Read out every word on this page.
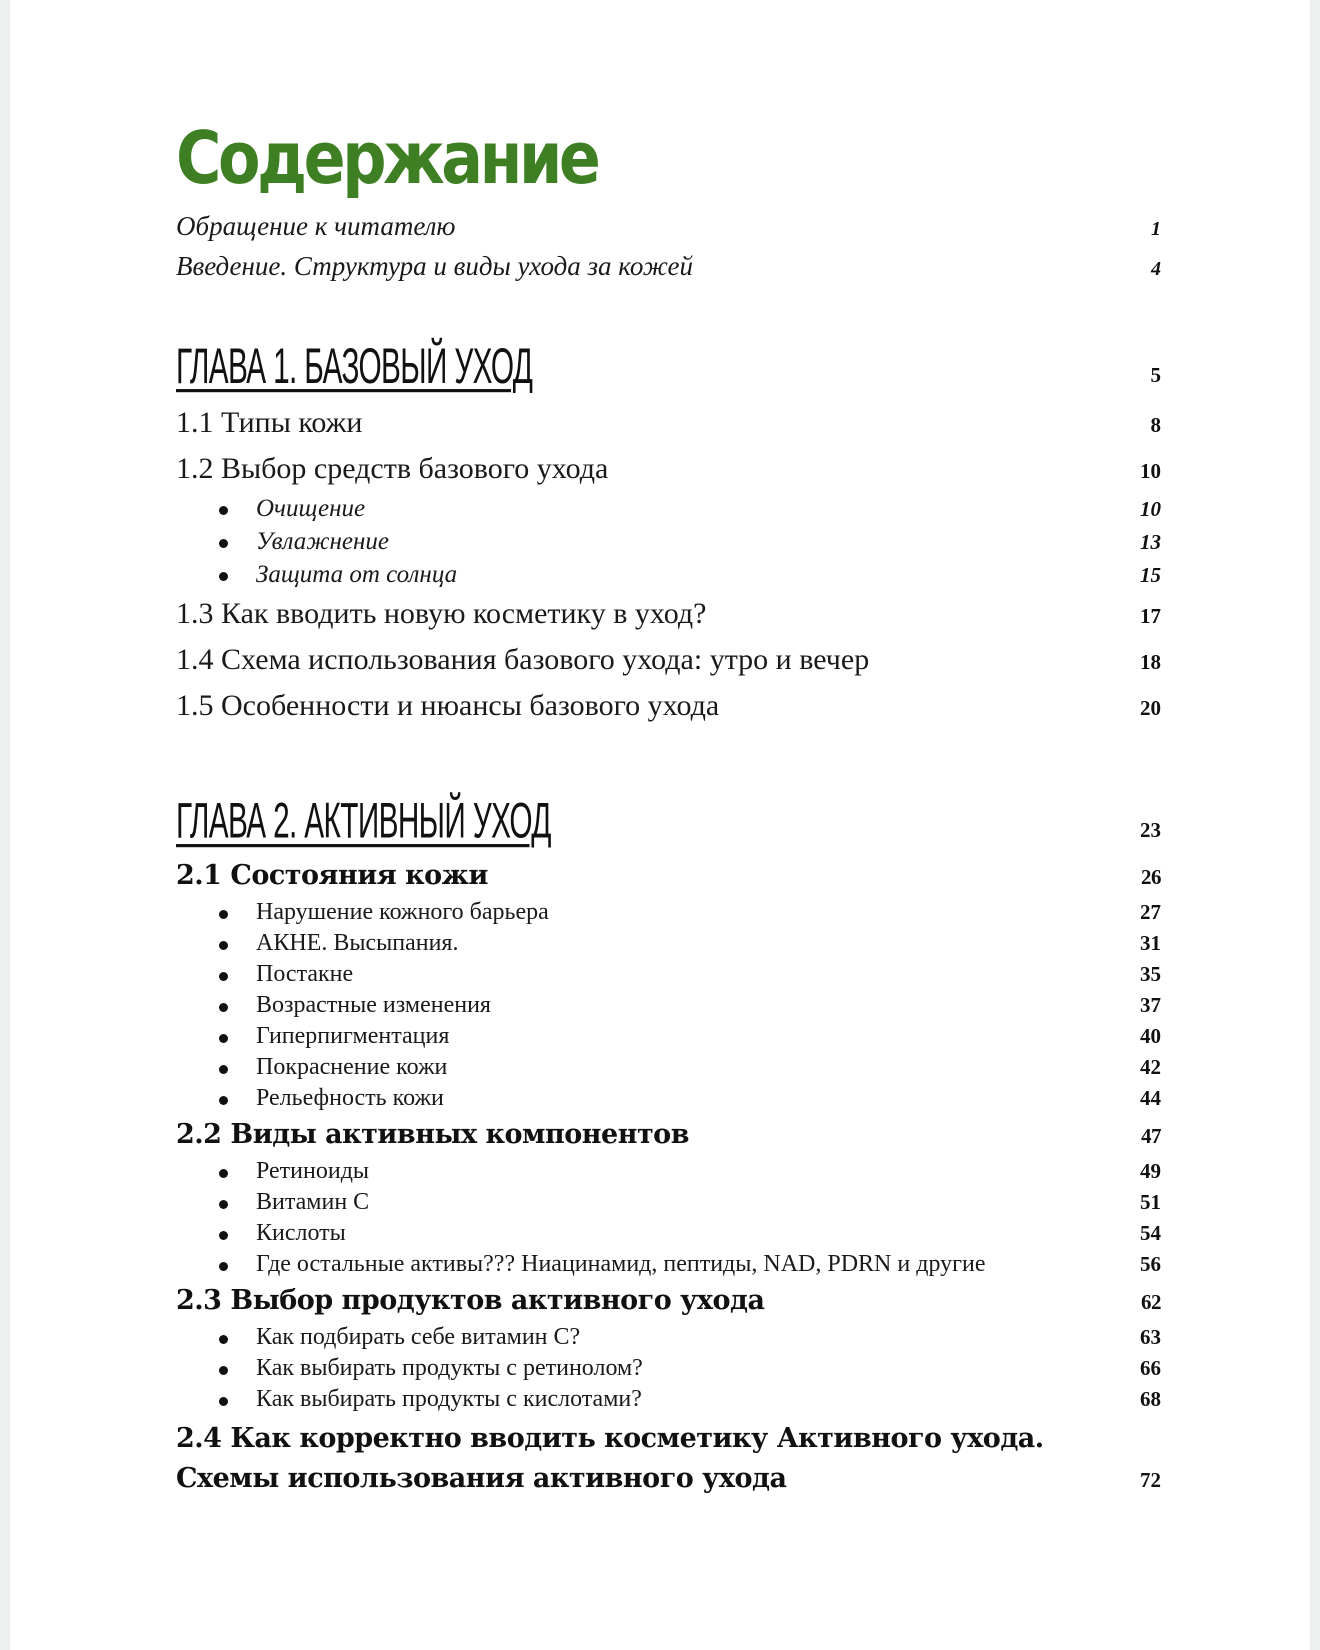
Содержание
Обращение к читателю	1
Введение. Структура и виды ухода за кожей	4
ГЛАВА 1. БАЗОВЫЙ УХОД	5
1.1 Типы кожи	8
1.2 Выбор средств базового ухода	10
Очищение	10
Увлажнение	13
Защита от солнца	15
1.3 Как вводить новую косметику в уход?	17
1.4 Схема использования базового ухода: утро и вечер	18
1.5 Особенности и нюансы базового ухода	20
ГЛАВА 2. АКТИВНЫЙ УХОД	23
2.1 Состояния кожи	26
Нарушение кожного барьера	27
АКНЕ. Высыпания.	31
Постакне	35
Возрастные изменения	37
Гиперпигментация	40
Покраснение кожи	42
Рельефность кожи	44
2.2 Виды активных компонентов	47
Ретиноиды	49
Витамин С	51
Кислоты	54
Где остальные активы??? Ниацинамид, пептиды, NAD, PDRN и другие	56
2.3 Выбор продуктов активного ухода	62
Как подбирать себе витамин С?	63
Как выбирать продукты с ретинолом?	66
Как выбирать продукты с кислотами?	68
2.4 Как корректно вводить косметику Активного ухода. Схемы использования активного ухода	72
